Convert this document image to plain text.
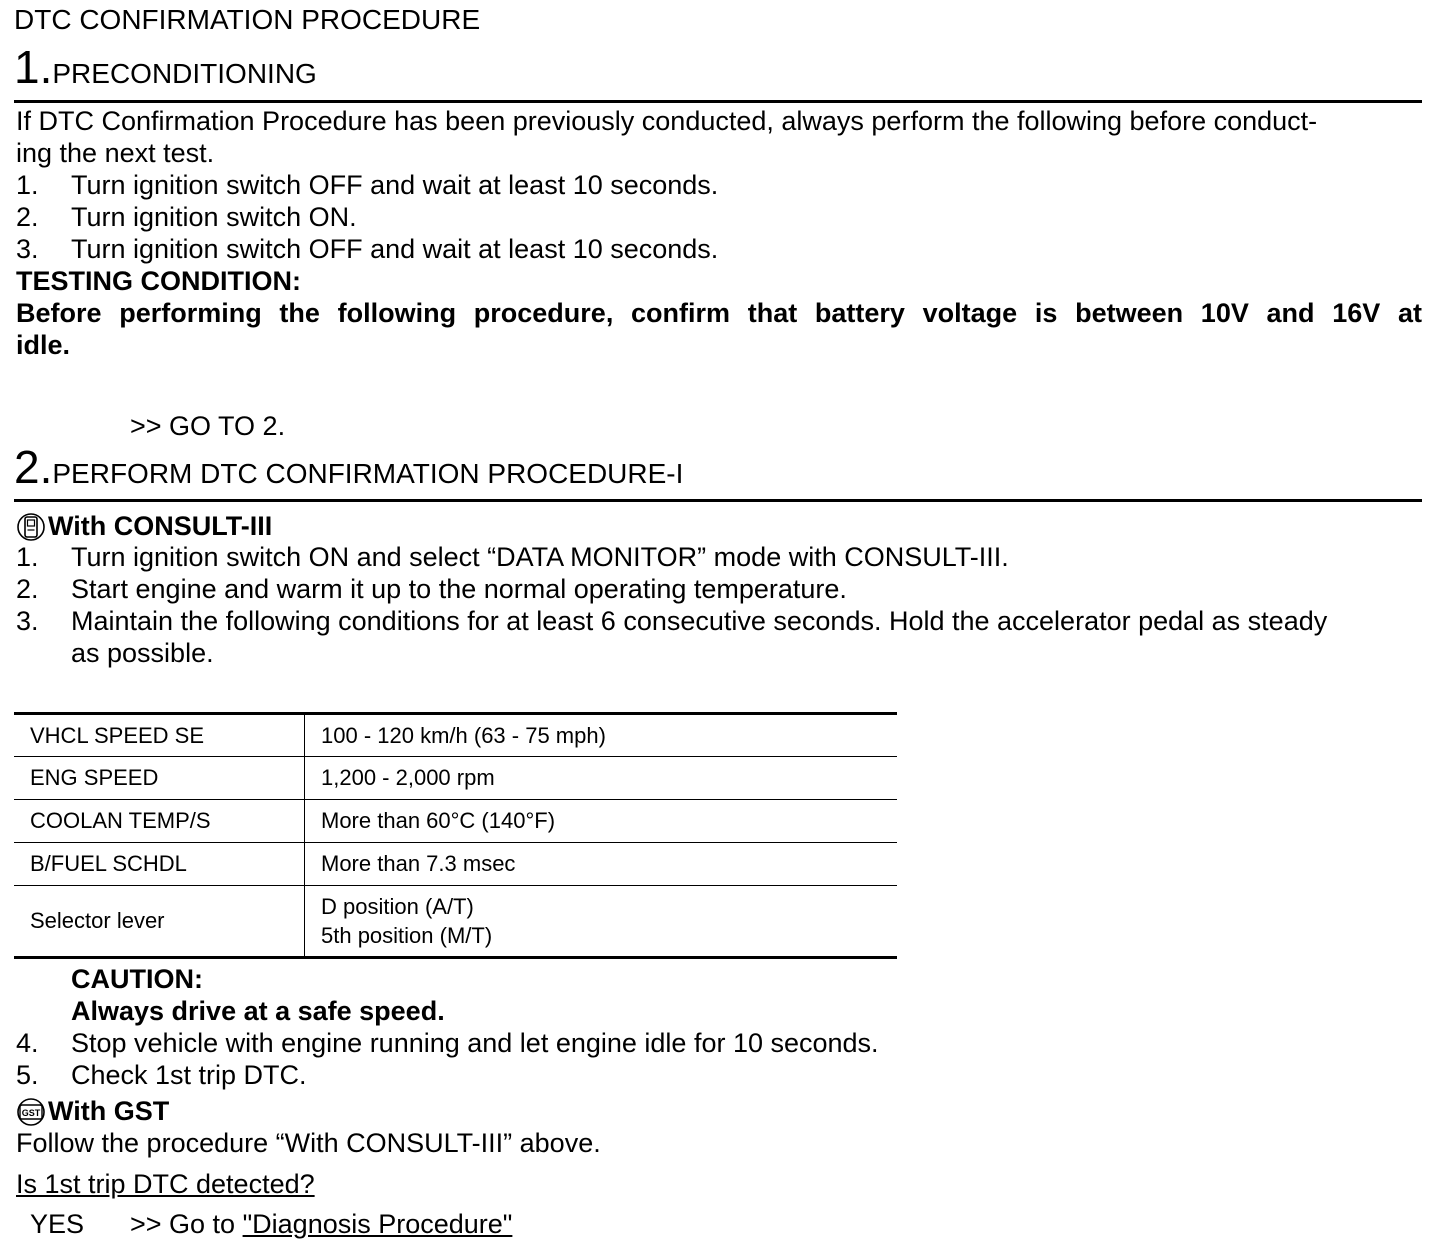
DTC CONFIRMATION PROCEDURE
1.PRECONDITIONING
If DTC Confirmation Procedure has been previously conducted, always perform the following before conduct-
ing the next test.
1. Turn ignition switch OFF and wait at least 10 seconds.
2. Turn ignition switch ON.
3. Turn ignition switch OFF and wait at least 10 seconds.
TESTING CONDITION:
Before performing the following procedure, confirm that battery voltage is between 10V and 16V at
idle.
>> GO TO 2.
2.PERFORM DTC CONFIRMATION PROCEDURE-I
With CONSULT-III
1. Turn ignition switch ON and select “DATA MONITOR” mode with CONSULT-III.
2. Start engine and warm it up to the normal operating temperature.
3. Maintain the following conditions for at least 6 consecutive seconds. Hold the accelerator pedal as steady
as possible.
VHCL SPEED SE	100 - 120 km/h (63 - 75 mph)
ENG SPEED	1,200 - 2,000 rpm
COOLAN TEMP/S	More than 60°C (140°F)
B/FUEL SCHDL	More than 7.3 msec
Selector lever	D position (A/T)
5th position (M/T)
CAUTION:
Always drive at a safe speed.
4. Stop vehicle with engine running and let engine idle for 10 seconds.
5. Check 1st trip DTC.
GST With GST
Follow the procedure “With CONSULT-III” above.
Is 1st trip DTC detected?
YES >> Go to "Diagnosis Procedure"
